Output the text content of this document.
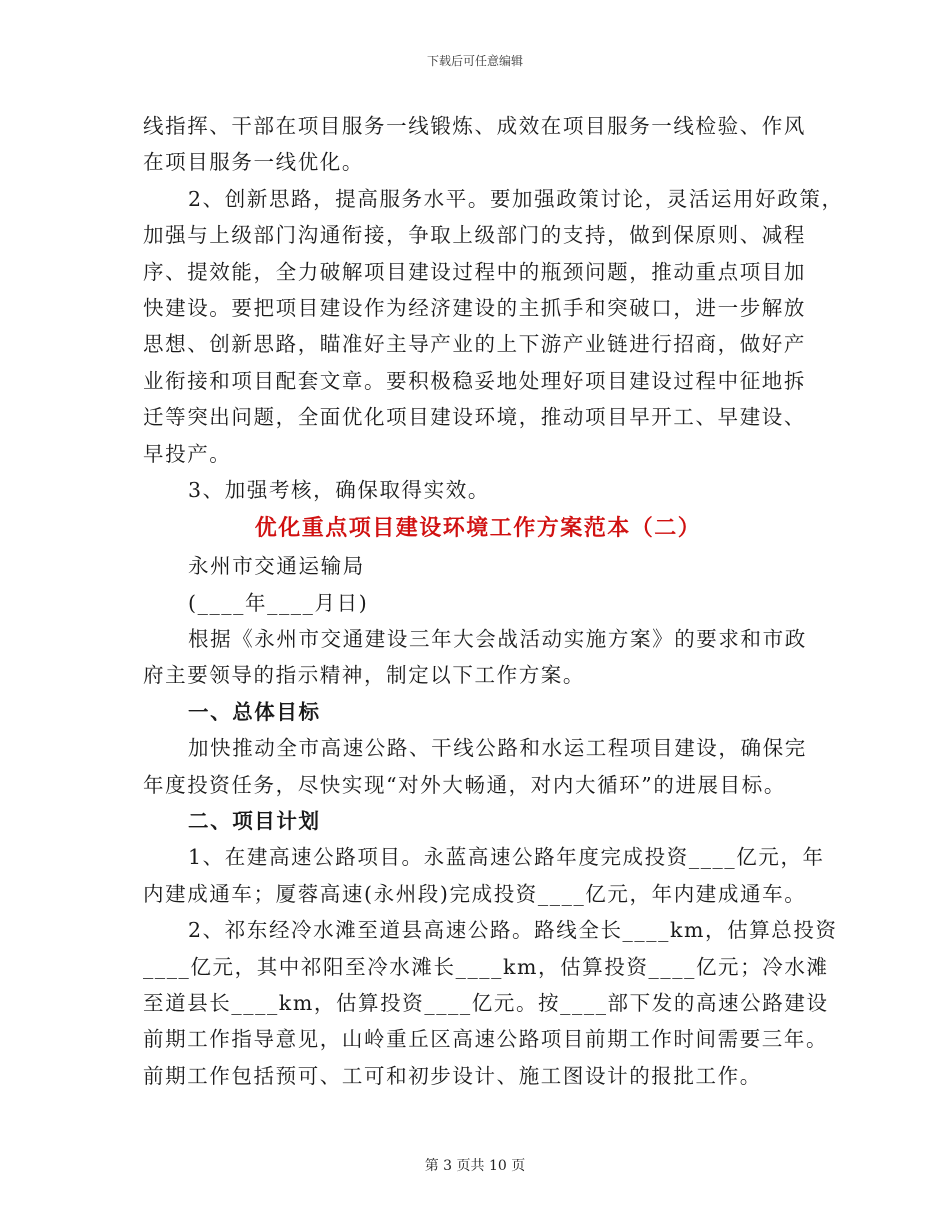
下载后可任意编辑
线指挥、干部在项目服务一线锻炼、成效在项目服务一线检验、作风
在项目服务一线优化。
2、创新思路，提高服务水平。要加强政策讨论，灵活运用好政策，
加强与上级部门沟通衔接，争取上级部门的支持，做到保原则、减程
序、提效能，全力破解项目建设过程中的瓶颈问题，推动重点项目加
快建设。要把项目建设作为经济建设的主抓手和突破口，进一步解放
思想、创新思路，瞄准好主导产业的上下游产业链进行招商，做好产
业衔接和项目配套文章。要积极稳妥地处理好项目建设过程中征地拆
迁等突出问题，全面优化项目建设环境，推动项目早开工、早建设、
早投产。
3、加强考核，确保取得实效。
优化重点项目建设环境工作方案范本（二）
永州市交通运输局
(____年____月日)
根据《永州市交通建设三年大会战活动实施方案》的要求和市政
府主要领导的指示精神，制定以下工作方案。
一、总体目标
加快推动全市高速公路、干线公路和水运工程项目建设，确保完
年度投资任务，尽快实现“对外大畅通，对内大循环”的进展目标。
二、项目计划
1、在建高速公路项目。永蓝高速公路年度完成投资____亿元，年
内建成通车；厦蓉高速(永州段)完成投资____亿元，年内建成通车。
2、祁东经冷水滩至道县高速公路。路线全长____km，估算总投资
____亿元，其中祁阳至冷水滩长____km，估算投资____亿元；冷水滩
至道县长____km，估算投资____亿元。按____部下发的高速公路建设
前期工作指导意见，山岭重丘区高速公路项目前期工作时间需要三年。
前期工作包括预可、工可和初步设计、施工图设计的报批工作。
第 3 页共 10 页
